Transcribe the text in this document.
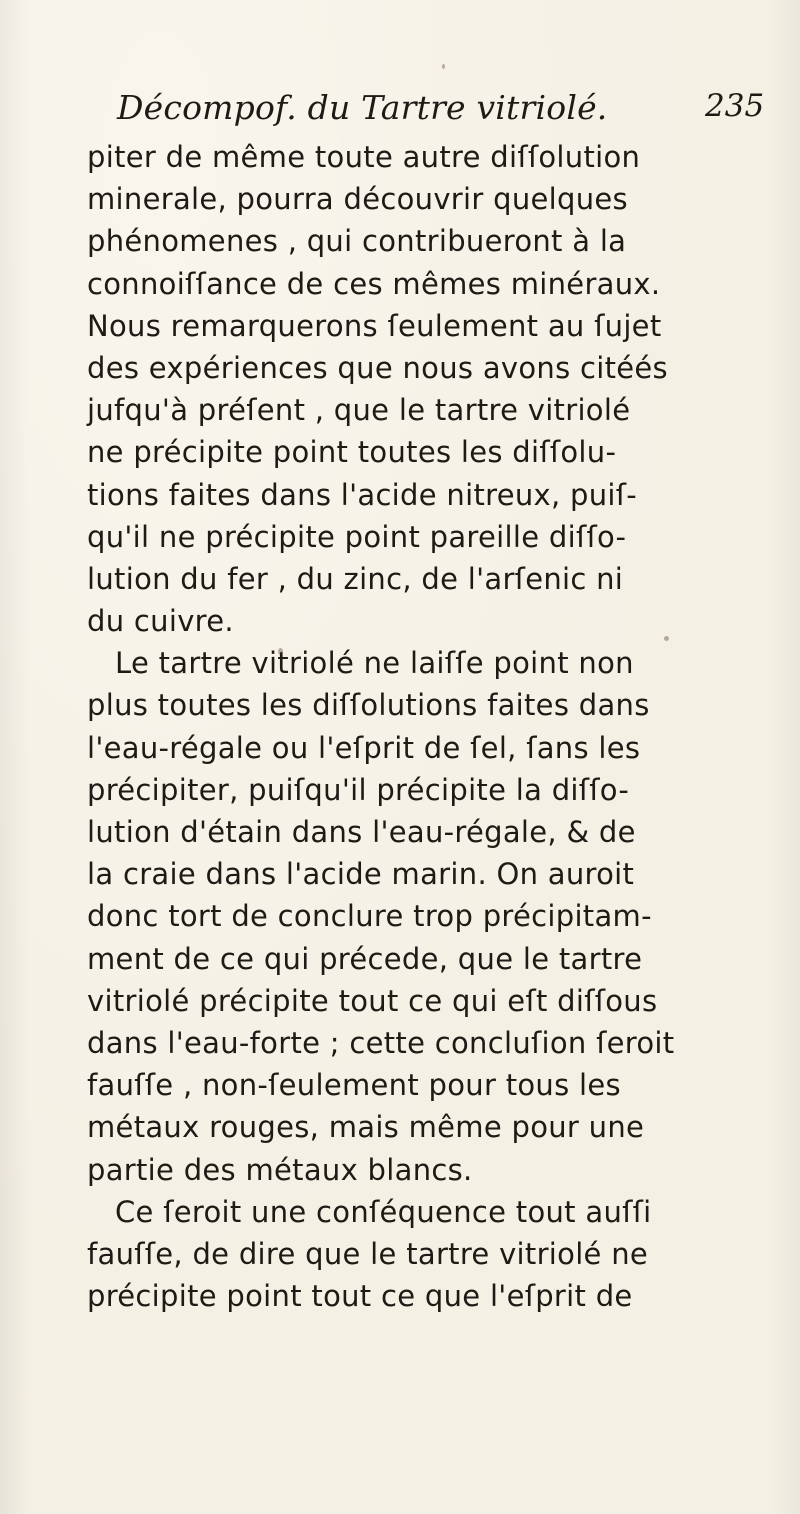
Décompof. du Tartre vitriolé.	235
piter de même toute autre diſſolution
minerale, pourra découvrir quelques
phénomenes , qui contribueront à la
connoiſſance de ces mêmes minéraux.
Nous remarquerons ſeulement au ſujet
des expériences que nous avons citéés
jufqu'à préſent , que le tartre vitriolé
ne précipite point toutes les diſſolu-
tions faites dans l'acide nitreux, puiſ-
qu'il ne précipite point pareille diſſo-
lution du fer , du zinc, de l'arſenic ni
du cuivre.
Le tartre vitriolé ne laiſſe point non
plus toutes les diſſolutions faites dans
l'eau-régale ou l'eſprit de ſel, ſans les
précipiter, puiſqu'il précipite la diſſo-
lution d'étain dans l'eau-régale, & de
la craie dans l'acide marin. On auroit
donc tort de conclure trop précipitam-
ment de ce qui précede, que le tartre
vitriolé précipite tout ce qui eſt diſſous
dans l'eau-forte ; cette concluſion ſeroit
fauſſe , non-ſeulement pour tous les
métaux rouges, mais même pour une
partie des métaux blancs.
Ce ſeroit une conſéquence tout auſſi
fauſſe, de dire que le tartre vitriolé ne
précipite point tout ce que l'eſprit de
